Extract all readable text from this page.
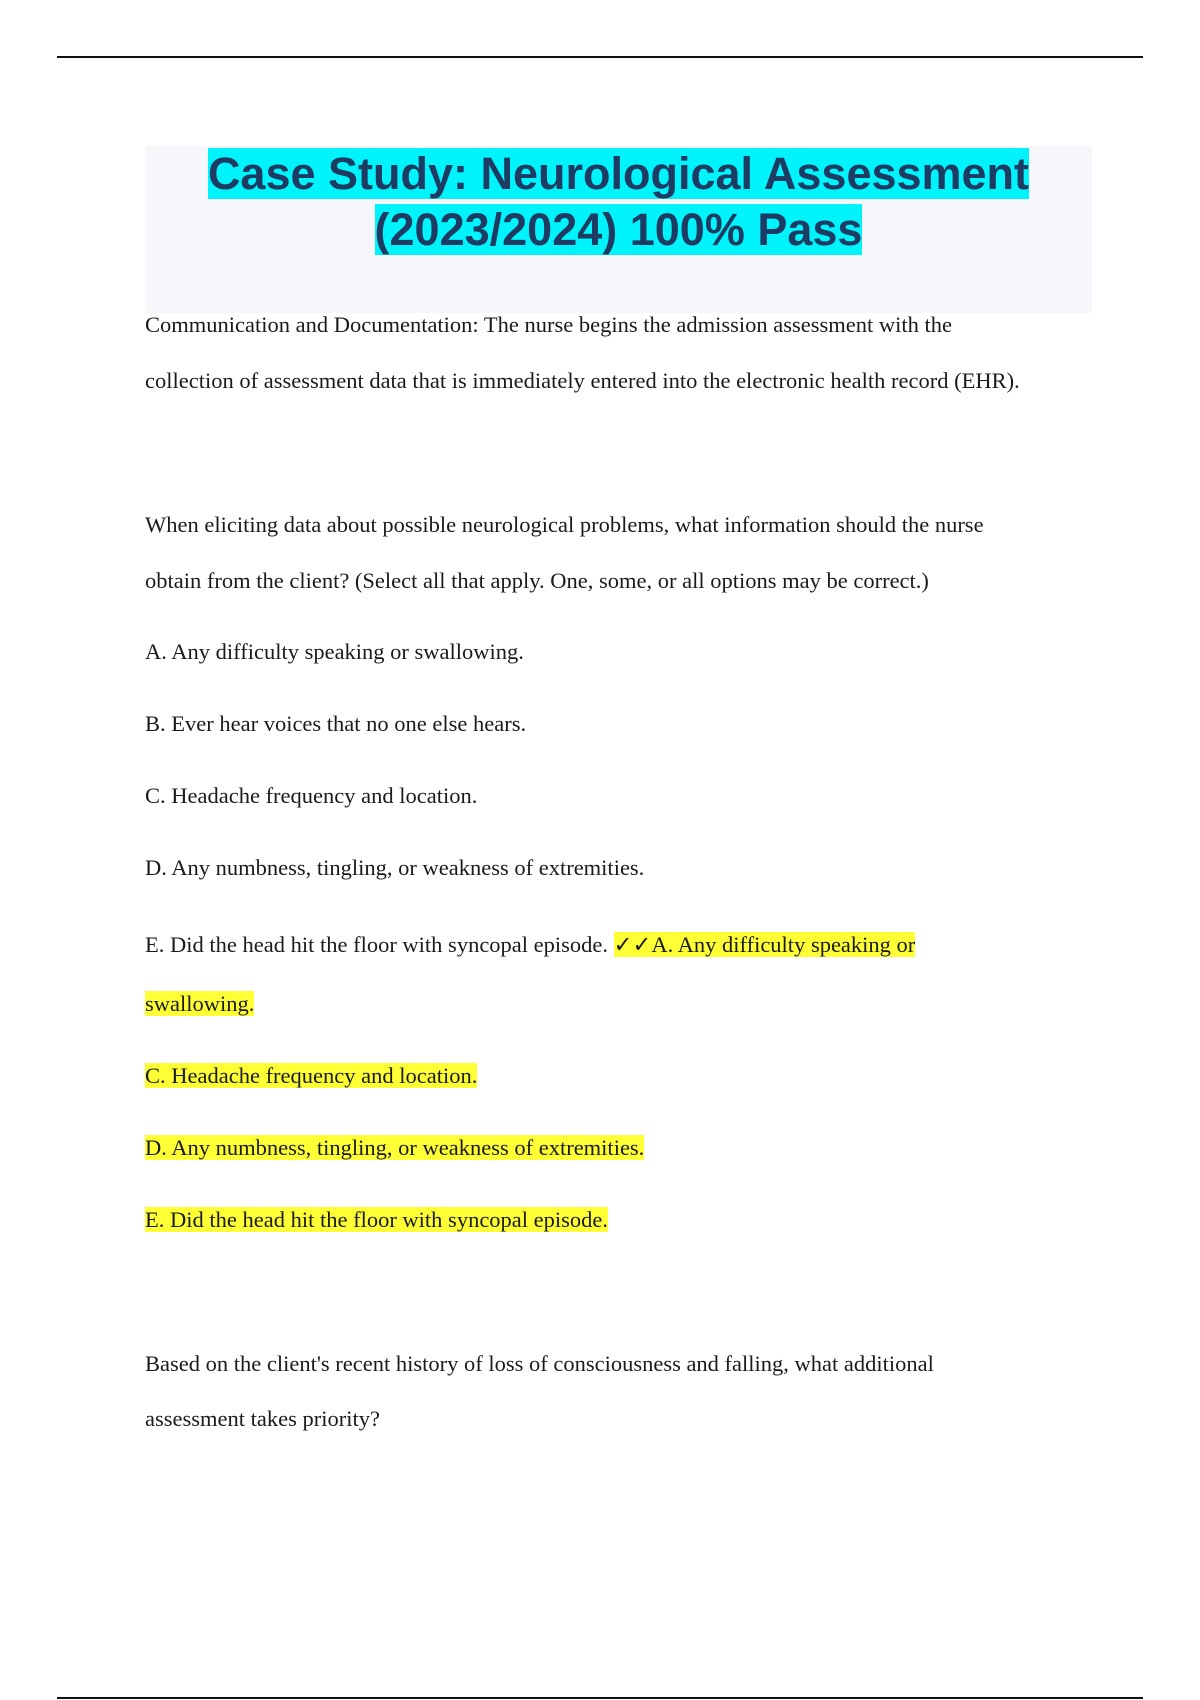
Case Study: Neurological Assessment
(2023/2024) 100% Pass

Communication and Documentation: The nurse begins the admission assessment with the

collection of assessment data that is immediately entered into the electronic health record (EHR).

When eliciting data about possible neurological problems, what information should the nurse

obtain from the client? (Select all that apply. One, some, or all options may be correct.)

A. Any difficulty speaking or swallowing.

B. Ever hear voices that no one else hears.

C. Headache frequency and location.

D. Any numbness, tingling, or weakness of extremities.

E. Did the head hit the floor with syncopal episode. ✓✓A. Any difficulty speaking or

swallowing.

C. Headache frequency and location.

D. Any numbness, tingling, or weakness of extremities.

E. Did the head hit the floor with syncopal episode.

Based on the client's recent history of loss of consciousness and falling, what additional

assessment takes priority?
